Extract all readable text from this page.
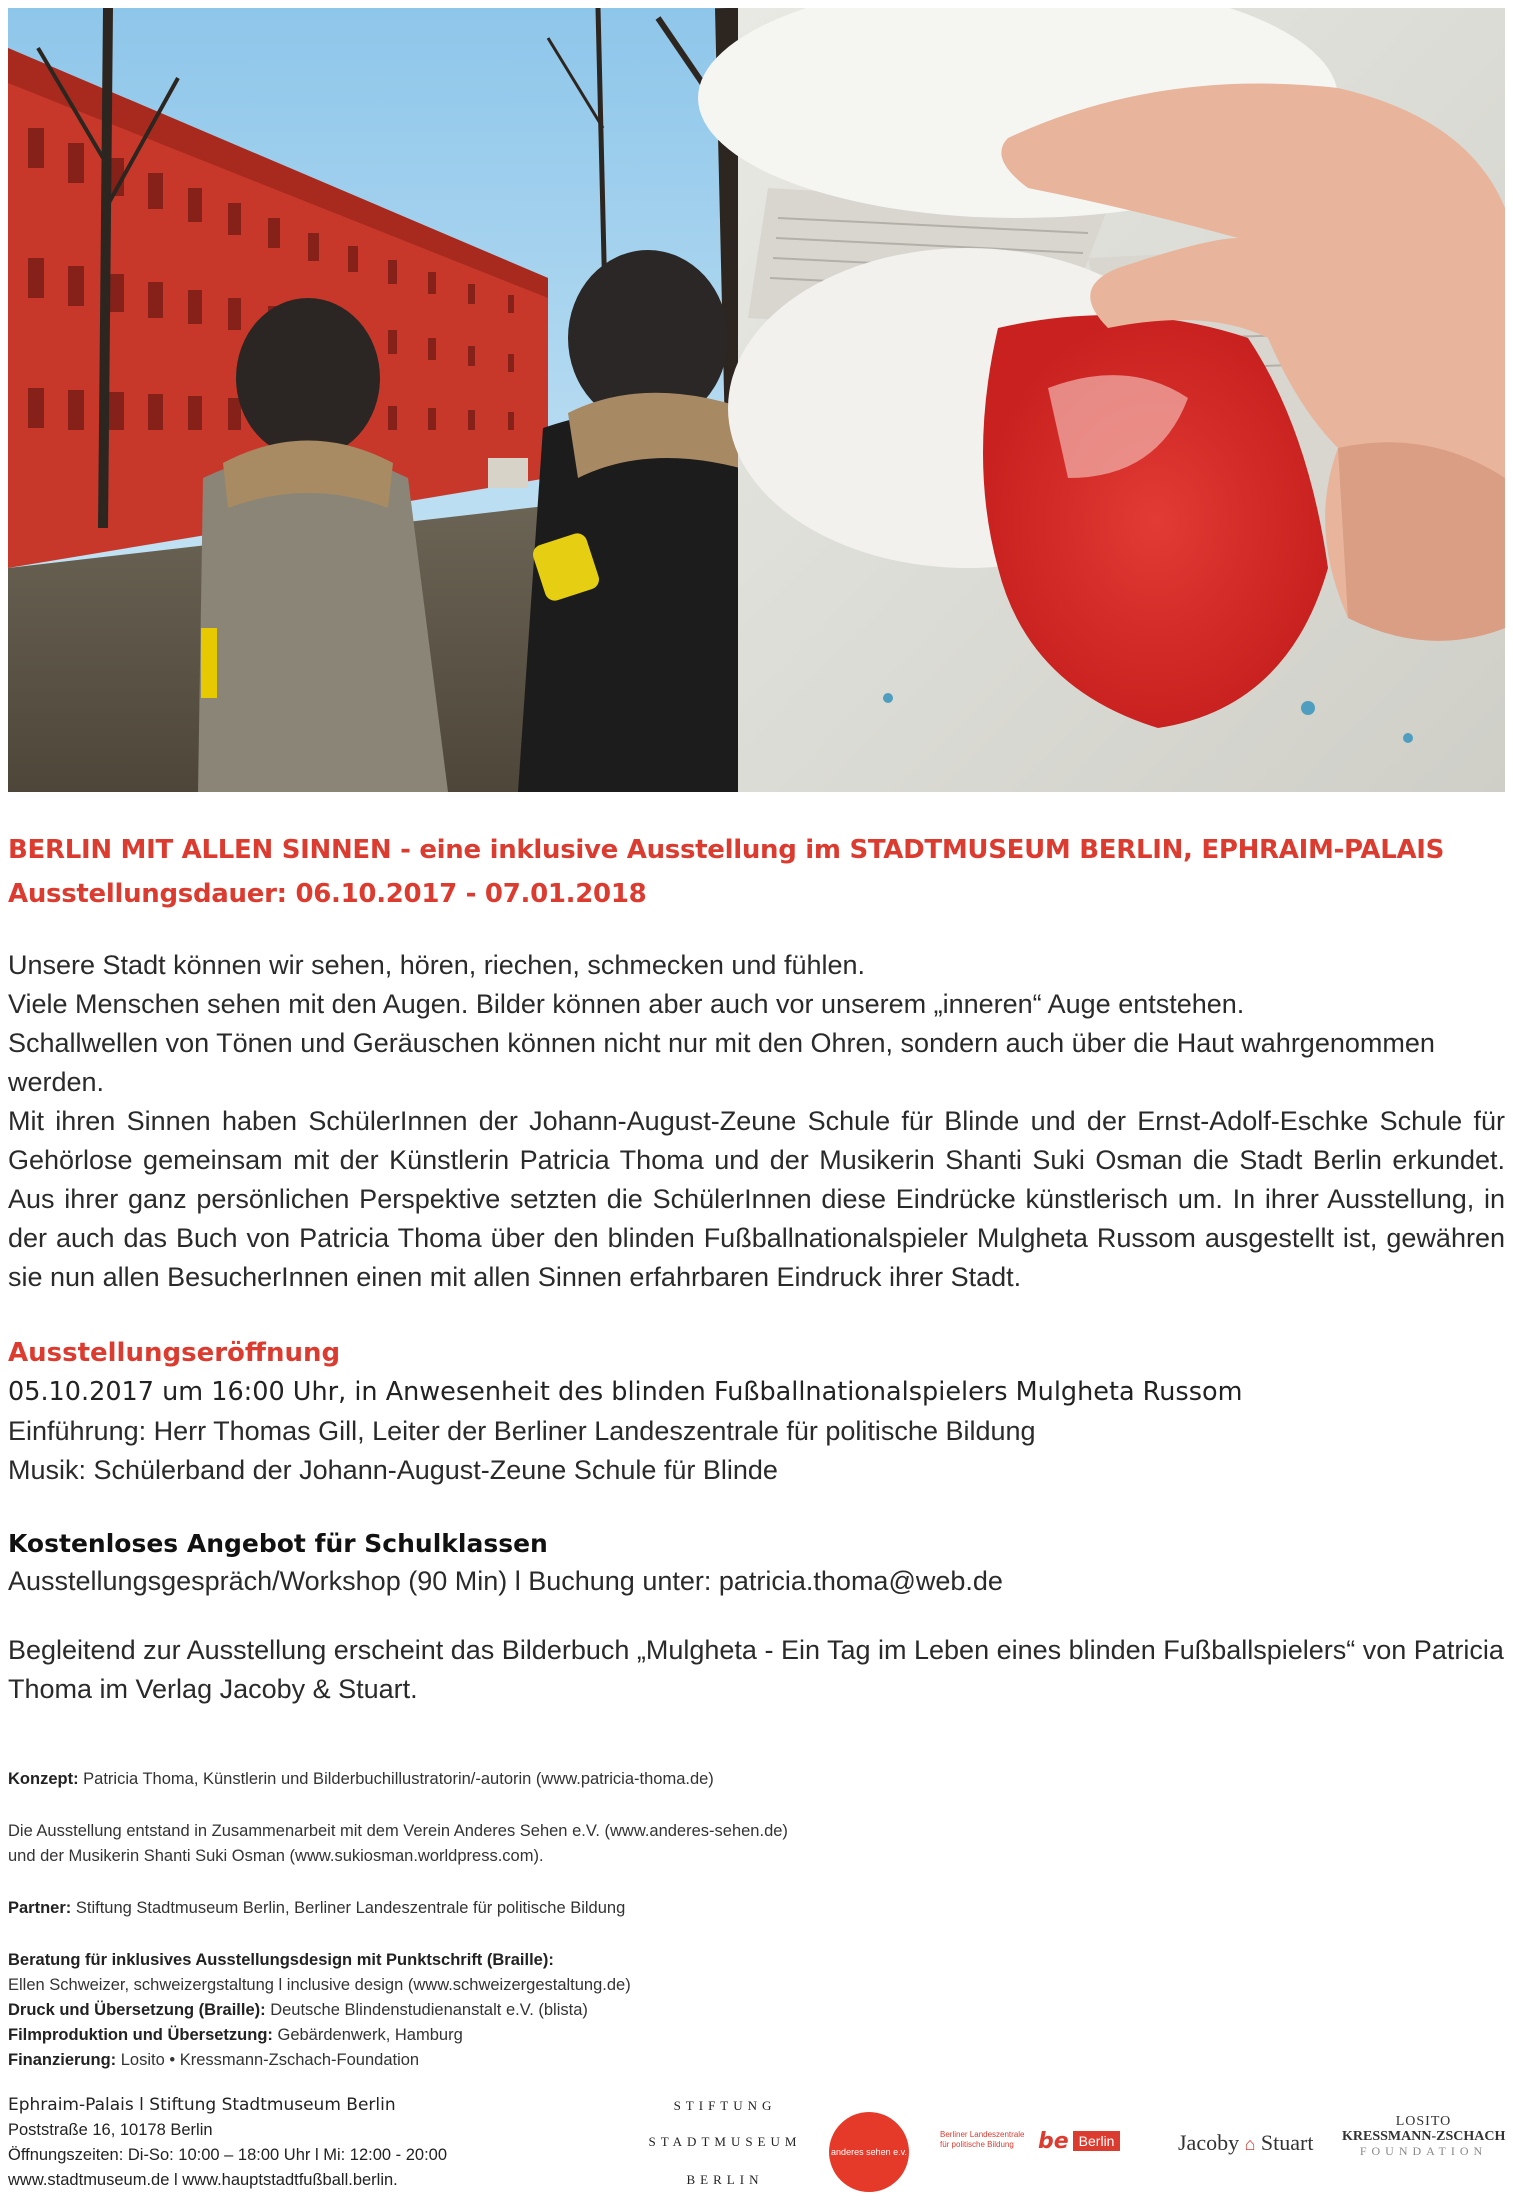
BERLIN MIT ALLEN SINNEN - eine inklusive Ausstellung im STADTMUSEUM BERLIN, EPHRAIM-PALAIS
Ausstellungsdauer: 06.10.2017 - 07.01.2018

Unsere Stadt können wir sehen, hören, riechen, schmecken und fühlen.

Viele Menschen sehen mit den Augen. Bilder können aber auch vor unserem „inneren“ Auge entstehen.

Schallwellen von Tönen und Geräuschen können nicht nur mit den Ohren, sondern auch über die Haut wahrgenommen werden.

Mit ihren Sinnen haben SchülerInnen der Johann-August-Zeune Schule für Blinde und der Ernst-Adolf-Eschke Schule für Gehörlose gemeinsam mit der Künstlerin Patricia Thoma und der Musikerin Shanti Suki Osman die Stadt Berlin erkundet. Aus ihrer ganz persönlichen Perspektive setzten die SchülerInnen diese Eindrücke künstlerisch um. In ihrer Ausstellung, in der auch das Buch von Patricia Thoma über den blinden Fußballnationalspieler Mulgheta Russom ausgestellt ist, gewähren sie nun allen BesucherInnen einen mit allen Sinnen erfahrbaren Eindruck ihrer Stadt.

Ausstellungseröffnung

05.10.2017 um 16:00 Uhr, in Anwesenheit des blinden Fußballnationalspielers Mulgheta Russom

Einführung: Herr Thomas Gill, Leiter der Berliner Landeszentrale für politische Bildung

Musik: Schülerband der Johann-August-Zeune Schule für Blinde

Kostenloses Angebot für Schulklassen

Ausstellungsgespräch/Workshop (90 Min) l Buchung unter: patricia.thoma@web.de

Begleitend zur Ausstellung erscheint das Bilderbuch „Mulgheta - Ein Tag im Leben eines blinden Fußballspielers“ von Patricia Thoma im Verlag Jacoby & Stuart.

Konzept: Patricia Thoma, Künstlerin und Bilderbuchillustratorin/-autorin (www.patricia-thoma.de)

Die Ausstellung entstand in Zusammenarbeit mit dem Verein Anderes Sehen e.V. (www.anderes-sehen.de)

und der Musikerin Shanti Suki Osman (www.sukiosman.worldpress.com).

Partner: Stiftung Stadtmuseum Berlin, Berliner Landeszentrale für politische Bildung

Beratung für inklusives Ausstellungsdesign mit Punktschrift (Braille):

Ellen Schweizer, schweizergstaltung l inclusive design (www.schweizergestaltung.de)

Druck und Übersetzung (Braille): Deutsche Blindenstudienanstalt e.V. (blista)

Filmproduktion und Übersetzung: Gebärdenwerk, Hamburg

Finanzierung: Losito • Kressmann-Zschach-Foundation

Ephraim-Palais l Stiftung Stadtmuseum Berlin
Poststraße 16, 10178 Berlin
Öffnungszeiten: Di-So: 10:00 – 18:00 Uhr l Mi: 12:00 - 20:00
www.stadtmuseum.de l www.hauptstadtfußball.berlin.
STIFTUNG
STADTMUSEUM
BERLIN
anderes sehen e.v.
Berliner Landeszentrale
für politische Bildung	be Berlin	Jacoby ⌂ Stuart
LOSITO
KRESSMANN-ZSCHACH
FOUNDATION
